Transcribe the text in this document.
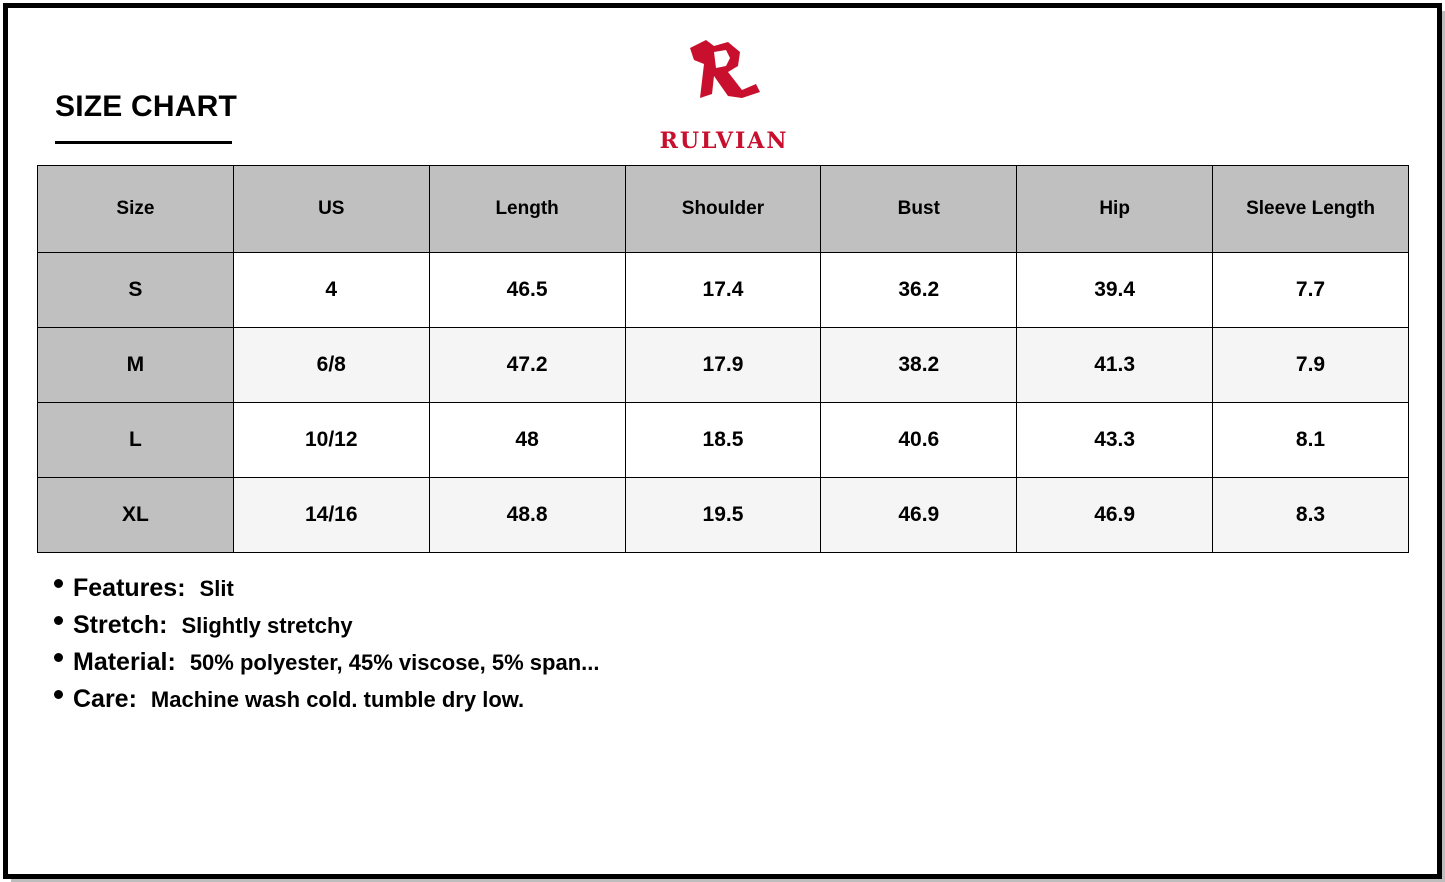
SIZE CHART
RULVIAN
Size	US	Length	Shoulder	Bust	Hip	Sleeve Length
S	4	46.5	17.4	36.2	39.4	7.7
M	6/8	47.2	17.9	38.2	41.3	7.9
L	10/12	48	18.5	40.6	43.3	8.1
XL	14/16	48.8	19.5	46.9	46.9	8.3
Features: Slit
Stretch: Slightly stretchy
Material: 50% polyester, 45% viscose, 5% span...
Care: Machine wash cold. tumble dry low.
